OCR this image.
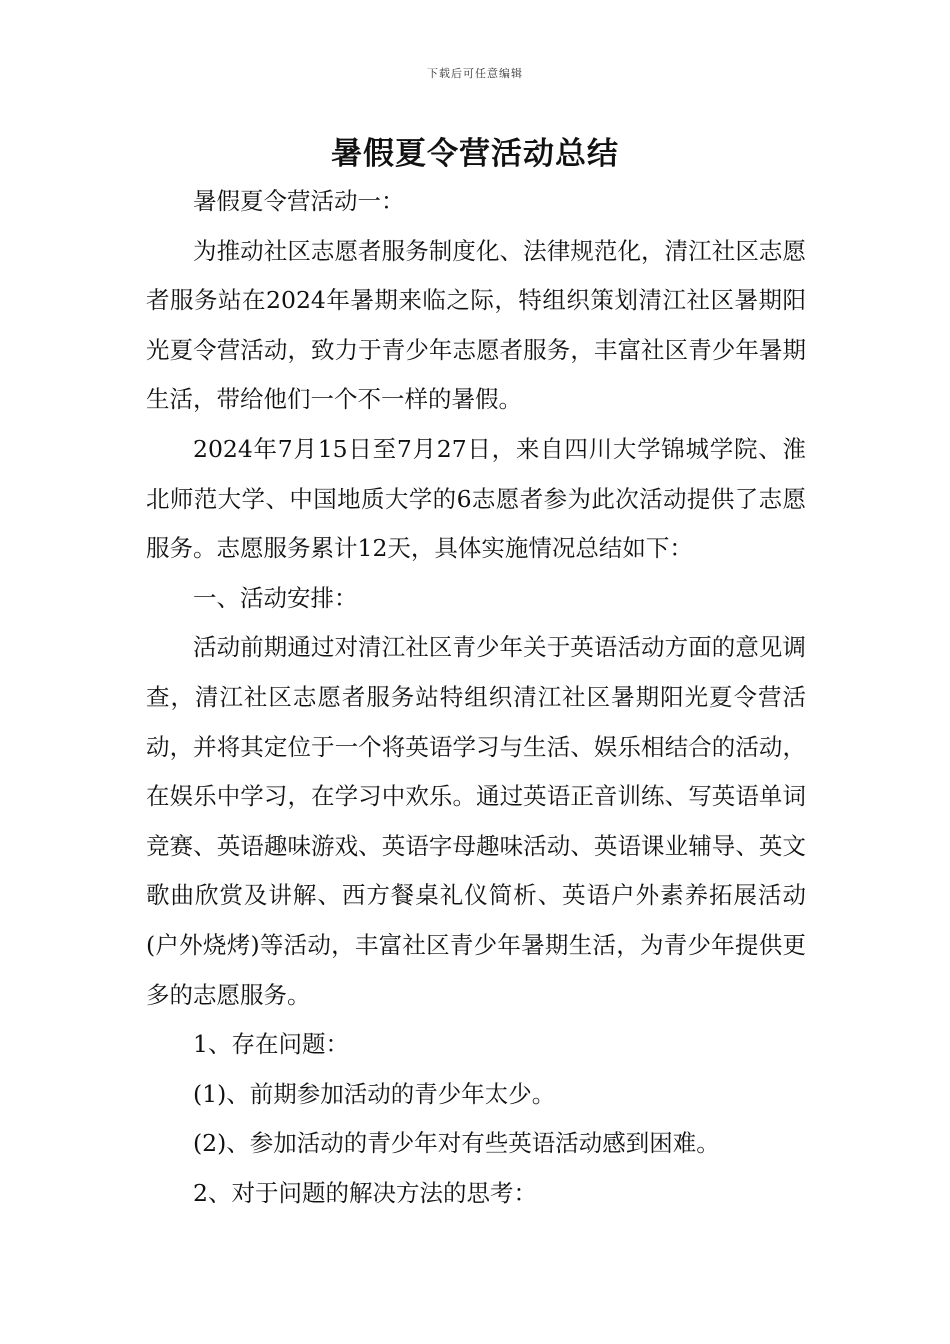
下载后可任意编辑
暑假夏令营活动总结

暑假夏令营活动一：

为推动社区志愿者服务制度化、法律规范化，清江社区志愿者服务站在2024年暑期来临之际，特组织策划清江社区暑期阳光夏令营活动，致力于青少年志愿者服务，丰富社区青少年暑期生活，带给他们一个不一样的暑假。

2024年7月15日至7月27日，来自四川大学锦城学院、淮北师范大学、中国地质大学的6志愿者参为此次活动提供了志愿服务。志愿服务累计12天，具体实施情况总结如下：

一、活动安排：

活动前期通过对清江社区青少年关于英语活动方面的意见调查，清江社区志愿者服务站特组织清江社区暑期阳光夏令营活动，并将其定位于一个将英语学习与生活、娱乐相结合的活动，在娱乐中学习，在学习中欢乐。通过英语正音训练、写英语单词竞赛、英语趣味游戏、英语字母趣味活动、英语课业辅导、英文歌曲欣赏及讲解、西方餐桌礼仪简析、英语户外素养拓展活动(户外烧烤)等活动，丰富社区青少年暑期生活，为青少年提供更多的志愿服务。

1、存在问题：

(1)、前期参加活动的青少年太少。

(2)、参加活动的青少年对有些英语活动感到困难。

2、对于问题的解决方法的思考：
